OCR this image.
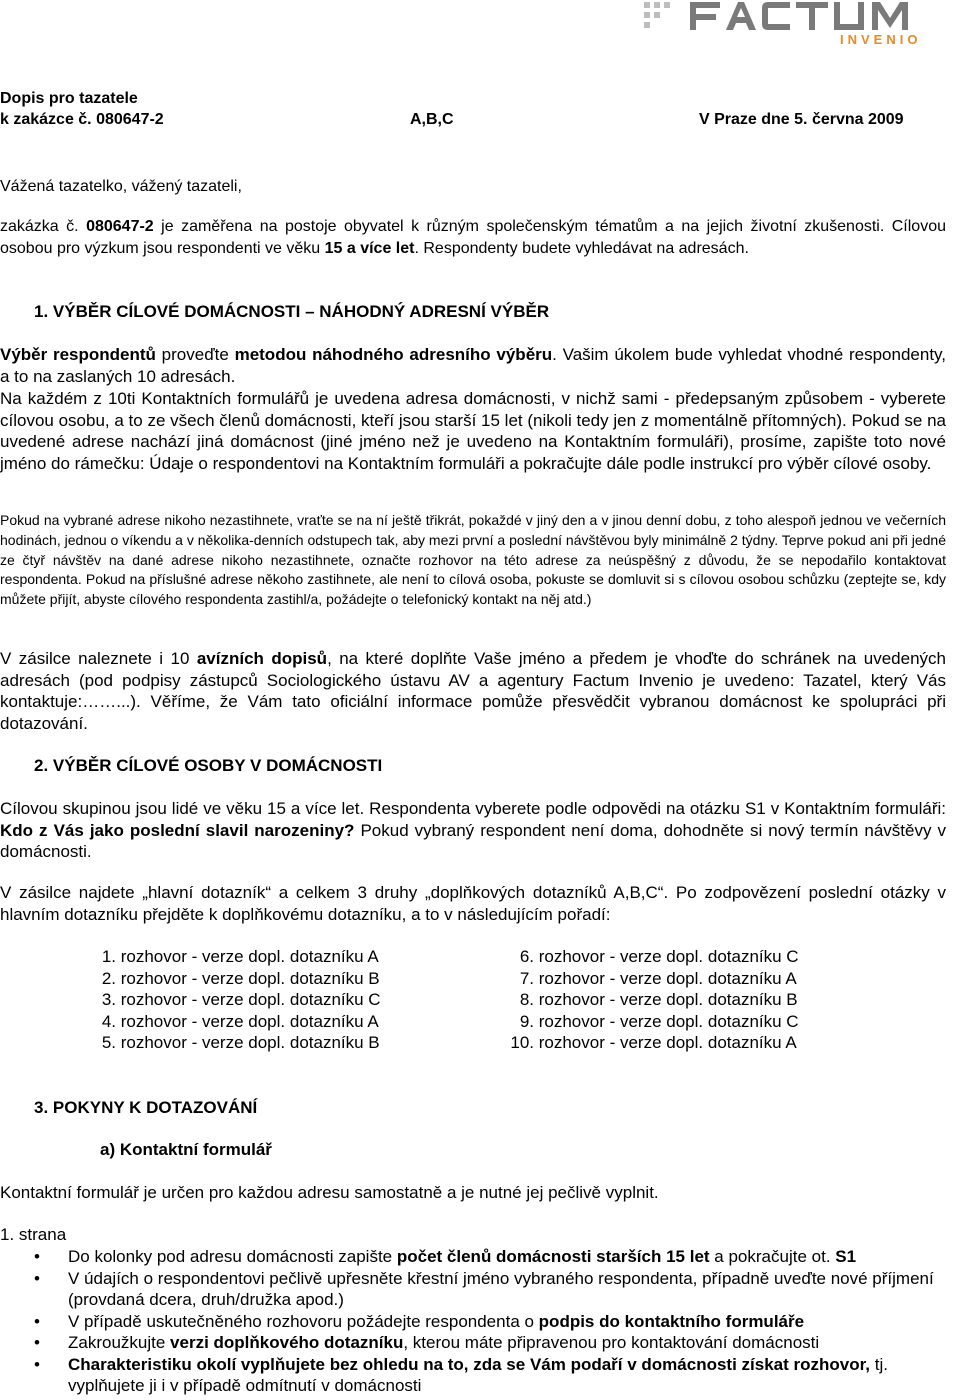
INVENIO
Dopis pro tazatele
k zakázce č. 080647-2	A,B,C	V Praze dne 5. června 2009
Vážená tazatelko, vážený tazateli,
zakázka č. 080647-2 je zaměřena na postoje obyvatel k různým společenským tématům a na jejich životní zkušenosti. Cílovou osobou pro výzkum jsou respondenti ve věku 15 a více let. Respondenty budete vyhledávat na adresách.
1. VÝBĚR CÍLOVÉ DOMÁCNOSTI – NÁHODNÝ ADRESNÍ VÝBĚR
Výběr respondentů proveďte metodou náhodného adresního výběru. Vašim úkolem bude vyhledat vhodné respondenty, a to na zaslaných 10 adresách.
Na každém z 10ti Kontaktních formulářů je uvedena adresa domácnosti, v nichž sami - předepsaným způsobem - vyberete cílovou osobu, a to ze všech členů domácnosti, kteří jsou starší 15 let (nikoli tedy jen z momentálně přítomných). Pokud se na uvedené adrese nachází jiná domácnost (jiné jméno než je uvedeno na Kontaktním formuláři), prosíme, zapište toto nové jméno do rámečku: Údaje o respondentovi na Kontaktním formuláři a pokračujte dále podle instrukcí pro výběr cílové osoby.
Pokud na vybrané adrese nikoho nezastihnete, vraťte se na ní ještě třikrát, pokaždé v jiný den a v jinou denní dobu, z toho alespoň jednou ve večerních hodinách, jednou o víkendu a v několika-denních odstupech tak, aby mezi první a poslední návštěvou byly minimálně 2 týdny. Teprve pokud ani při jedné ze čtyř návštěv na dané adrese nikoho nezastihnete, označte rozhovor na této adrese za neúspěšný z důvodu, že se nepodařilo kontaktovat respondenta. Pokud na příslušné adrese někoho zastihnete, ale není to cílová osoba, pokuste se domluvit si s cílovou osobou schůzku (zeptejte se, kdy můžete přijít, abyste cílového respondenta zastihl/a, požádejte o telefonický kontakt na něj atd.)
V zásilce naleznete i 10 avízních dopisů, na které doplňte Vaše jméno a předem je vhoďte do schránek na uvedených adresách (pod podpisy zástupců Sociologického ústavu AV a agentury Factum Invenio je uvedeno: Tazatel, který Vás kontaktuje:……...). Věříme, že Vám tato oficiální informace pomůže přesvědčit vybranou domácnost ke spolupráci při dotazování.
2. VÝBĚR CÍLOVÉ OSOBY V DOMÁCNOSTI
Cílovou skupinou jsou lidé ve věku 15 a více let. Respondenta vyberete podle odpovědi na otázku S1 v Kontaktním formuláři: Kdo z Vás jako poslední slavil narozeniny? Pokud vybraný respondent není doma, dohodněte si nový termín návštěvy v domácnosti.
V zásilce najdete „hlavní dotazník“ a celkem 3 druhy „doplňkových dotazníků A,B,C“. Po zodpovězení poslední otázky v hlavním dotazníku přejděte k doplňkovému dotazníku, a to v následujícím pořadí:
1. rozhovor - verze dopl. dotazníku A
2. rozhovor - verze dopl. dotazníku B
3. rozhovor - verze dopl. dotazníku C
4. rozhovor - verze dopl. dotazníku A
5. rozhovor - verze dopl. dotazníku B
6. rozhovor - verze dopl. dotazníku C
7. rozhovor - verze dopl. dotazníku A
8. rozhovor - verze dopl. dotazníku B
9. rozhovor - verze dopl. dotazníku C
10. rozhovor - verze dopl. dotazníku A
3. POKYNY K DOTAZOVÁNÍ
a) Kontaktní formulář
Kontaktní formulář je určen pro každou adresu samostatně a je nutné jej pečlivě vyplnit.
1. strana
• Do kolonky pod adresu domácnosti zapište počet členů domácnosti starších 15 let a pokračujte ot. S1
• V údajích o respondentovi pečlivě upřesněte křestní jméno vybraného respondenta, případně uveďte nové příjmení (provdaná dcera, druh/družka apod.)
• V případě uskutečněného rozhovoru požádejte respondenta o podpis do kontaktního formuláře
• Zakroužkujte verzi doplňkového dotazníku, kterou máte připravenou pro kontaktování domácnosti
• Charakteristiku okolí vyplňujete bez ohledu na to, zda se Vám podaří v domácnosti získat rozhovor, tj. vyplňujete ji i v případě odmítnutí v domácnosti
